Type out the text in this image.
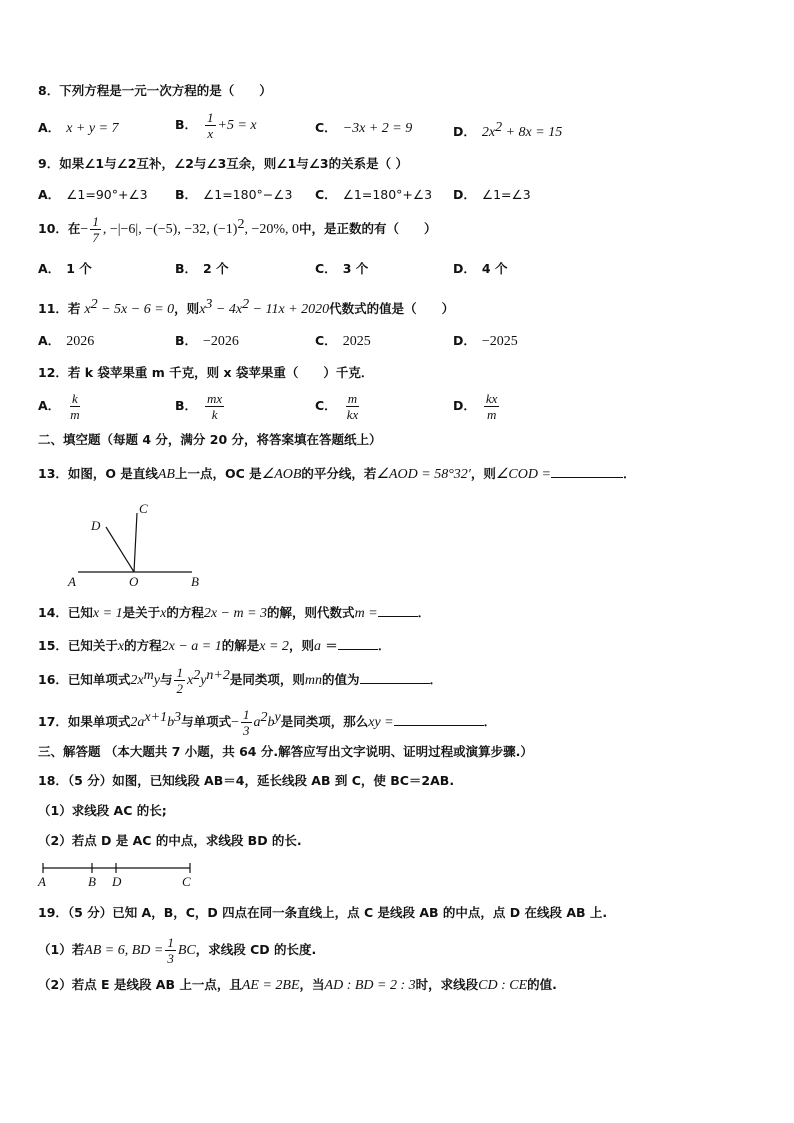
8．下列方程是一元一次方程的是（　　）
A． x + y = 7	B． $\frac{1}{x} +5 = x$	C． −3x + 2 = 9	D． $2x^2 + 8x = 15$
9．如果∠1与∠2互补，∠2与∠3互余，则∠1与∠3的关系是（ ）
A． ∠1=90°+∠3 B． ∠1=180°−∠3 C． ∠1=180°+∠3 D． ∠1=∠3
10．在− $\frac{1}{7}$ , −|−6|, −(−5), −32, $(-1)^2$, −20%, 0中，是正数的有（　　）
A． 1 个	B． 2 个	C． 3 个	D． 4 个
11．若 $x^2 - 5x - 6 = 0$，则$x^3 - 4x^2 - 11x + 2020$代数式的值是（　　）
A． 2026	B． −2026	C． 2025	D． −2025
12．若 k 袋苹果重 m 千克，则 x 袋苹果重（　　）千克．
A． $\frac{k}{m}$	B． $\frac{mx}{k}$	C． $\frac{m}{kx}$	D． $\frac{kx}{m}$
二、填空题（每题 4 分，满分 20 分，将答案填在答题纸上）
13．如图，O 是直线AB上一点，OC 是∠AOB的平分线，若∠AOD = 58°32′，则∠COD =	．
A	O	B
C
D
14．已知x = 1是关于x的方程2x − m = 3的解，则代数式m =	．
15．已知关于x的方程2x − a = 1的解是x = 2，则a ＝	．
16．已知单项式$2x^my$与 $\frac{1}{2} x^2y^{n+2}$是同类项，则mn的值为	．
17．如果单项式$2a^{x+1}b^3$与单项式− $\frac{1}{3} a^2b^y$是同类项，那么xy =	．
三、解答题 （本大题共 7 小题，共 64 分.解答应写出文字说明、证明过程或演算步骤.）
18．（5 分）如图，已知线段 AB＝4，延长线段 AB 到 C，使 BC＝2AB.
（1）求线段 AC 的长;
（2）若点 D 是 AC 的中点，求线段 BD 的长.
A	B D	C
19．（5 分）已知 A，B，C，D 四点在同一条直线上，点 C 是线段 AB 的中点，点 D 在线段 AB 上.
（1）若AB = 6, BD = $\frac{1}{3}$ BC，求线段 CD 的长度.
（2）若点 E 是线段 AB 上一点，且AE = 2BE，当AD : BD = 2 : 3时，求线段CD : CE的值.
